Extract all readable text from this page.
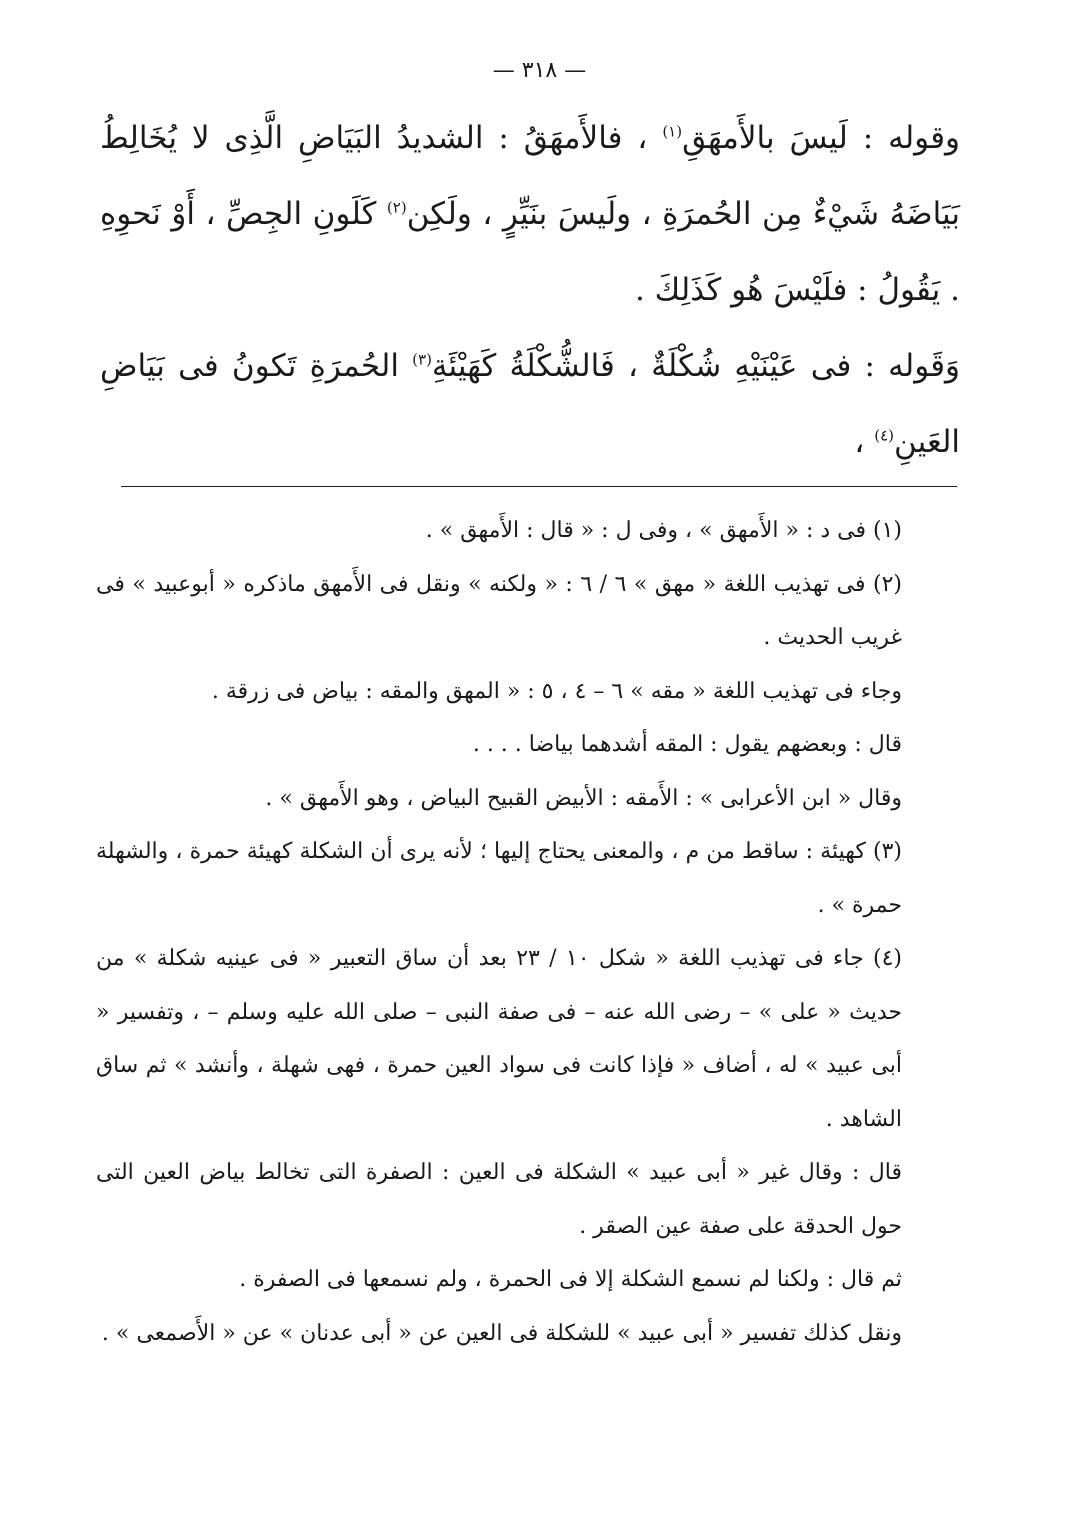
— ٣١٨ —

وقوله : لَيسَ بالأَمهَقِ$^{(١)}$ ، فالأَمهَقُ : الشديدُ البَيَاضِ الَّذِى لا يُخَالِطُ بَيَاضَهُ شَيْءٌ مِن الحُمرَةِ ، ولَيسَ بنَيِّرٍ ، ولَكِن$^{(٢)}$ كَلَونِ الجِصِّ ، أَوْ نَحوِهِ . يَقُولُ : فلَيْسَ هُو كَذَلِكَ .

وَقَوله : فى عَيْنَيْهِ شُكْلَةٌ ، فَالشُّكْلَةُ كَهَيْئَةِ$^{(٣)}$ الحُمرَةِ تَكونُ فى بَيَاضِ العَينِ$^{(٤)}$ ،

(١) فى د : « الأَمهق » ، وفى ل : « قال : الأَمهق » .

(٢) فى تهذيب اللغة « مهق » ٦ / ٦ : « ولكنه » ونقل فى الأَمهق ماذكره « أبوعبيد » فى غريب الحديث .

وجاء فى تهذيب اللغة « مقه » ٦ – ٤ ، ٥ : « المهق والمقه : بياض فى زرقة .

قال : وبعضهم يقول : المقه أشدهما بياضا . . . .

وقال « ابن الأعرابى » : الأَمقه : الأبيض القبيح البياض ، وهو الأَمهق » .

(٣) كهيئة : ساقط من م ، والمعنى يحتاج إليها ؛ لأنه يرى أن الشكلة كهيئة حمرة ، والشهلة حمرة » .

(٤) جاء فى تهذيب اللغة « شكل ١٠ / ٢٣ بعد أن ساق التعبير « فى عينيه شكلة » من حديث « على » – رضى الله عنه – فى صفة النبى – صلى الله عليه وسلم – ، وتفسير « أبى عبيد » له ، أضاف « فإذا كانت فى سواد العين حمرة ، فهى شهلة ، وأنشد » ثم ساق الشاهد .

قال : وقال غير « أبى عبيد » الشكلة فى العين : الصفرة التى تخالط بياض العين التى حول الحدقة على صفة عين الصقر .

ثم قال : ولكنا لم نسمع الشكلة إلا فى الحمرة ، ولم نسمعها فى الصفرة .

ونقل كذلك تفسير « أبى عبيد » للشكلة فى العين عن « أبى عدنان » عن « الأَصمعى » .
